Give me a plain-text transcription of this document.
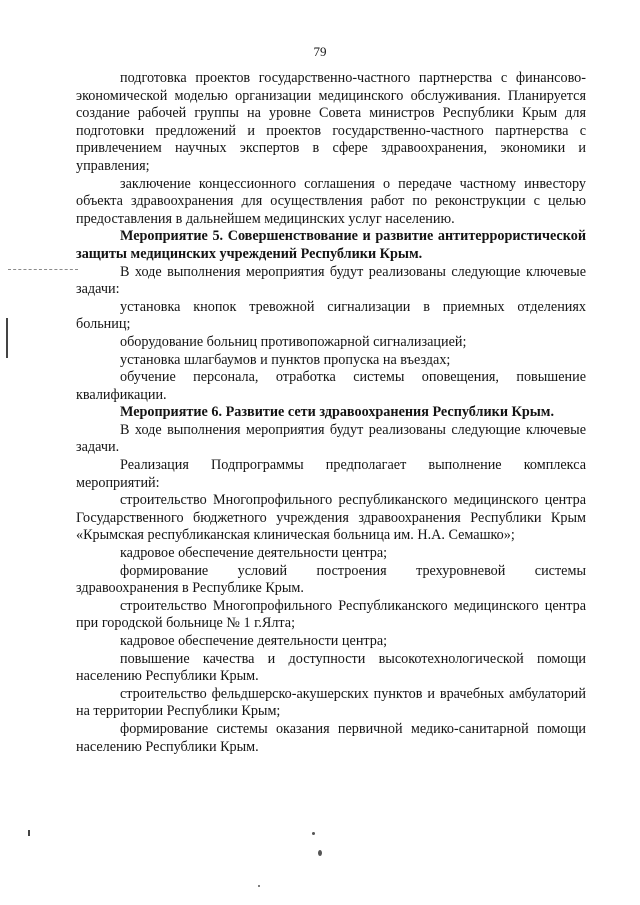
79

подготовка проектов государственно-частного партнерства с финансово-экономической моделью организации медицинского обслуживания. Планируется создание рабочей группы на уровне Совета министров Республики Крым для подготовки предложений и проектов государственно-частного партнерства с привлечением научных экспертов в сфере здравоохранения, экономики и управления;

заключение концессионного соглашения о передаче частному инвестору объекта здравоохранения для осуществления работ по реконструкции с целью предоставления в дальнейшем медицинских услуг населению.

Мероприятие 5. Совершенствование и развитие антитеррористической защиты медицинских учреждений Республики Крым.

В ходе выполнения мероприятия будут реализованы следующие ключевые задачи:

установка кнопок тревожной сигнализации в приемных отделениях больниц;

оборудование больниц противопожарной сигнализацией;

установка шлагбаумов и пунктов пропуска на въездах;

обучение персонала, отработка системы оповещения, повышение квалификации.

Мероприятие 6. Развитие сети здравоохранения Республики Крым.

В ходе выполнения мероприятия будут реализованы следующие ключевые задачи.

Реализация Подпрограммы предполагает выполнение комплекса мероприятий:

строительство Многопрофильного республиканского медицинского центра Государственного бюджетного учреждения здравоохранения Республики Крым «Крымская республиканская клиническая больница им. Н.А. Семашко»;

кадровое обеспечение деятельности центра;

формирование условий построения трехуровневой системы здравоохранения в Республике Крым.

строительство Многопрофильного Республиканского медицинского центра при городской больнице № 1 г.Ялта;

кадровое обеспечение деятельности центра;

повышение качества и доступности высокотехнологической помощи населению Республики Крым.

строительство фельдшерско-акушерских пунктов и врачебных амбулаторий на территории Республики Крым;

формирование системы оказания первичной медико-санитарной помощи населению Республики Крым.
